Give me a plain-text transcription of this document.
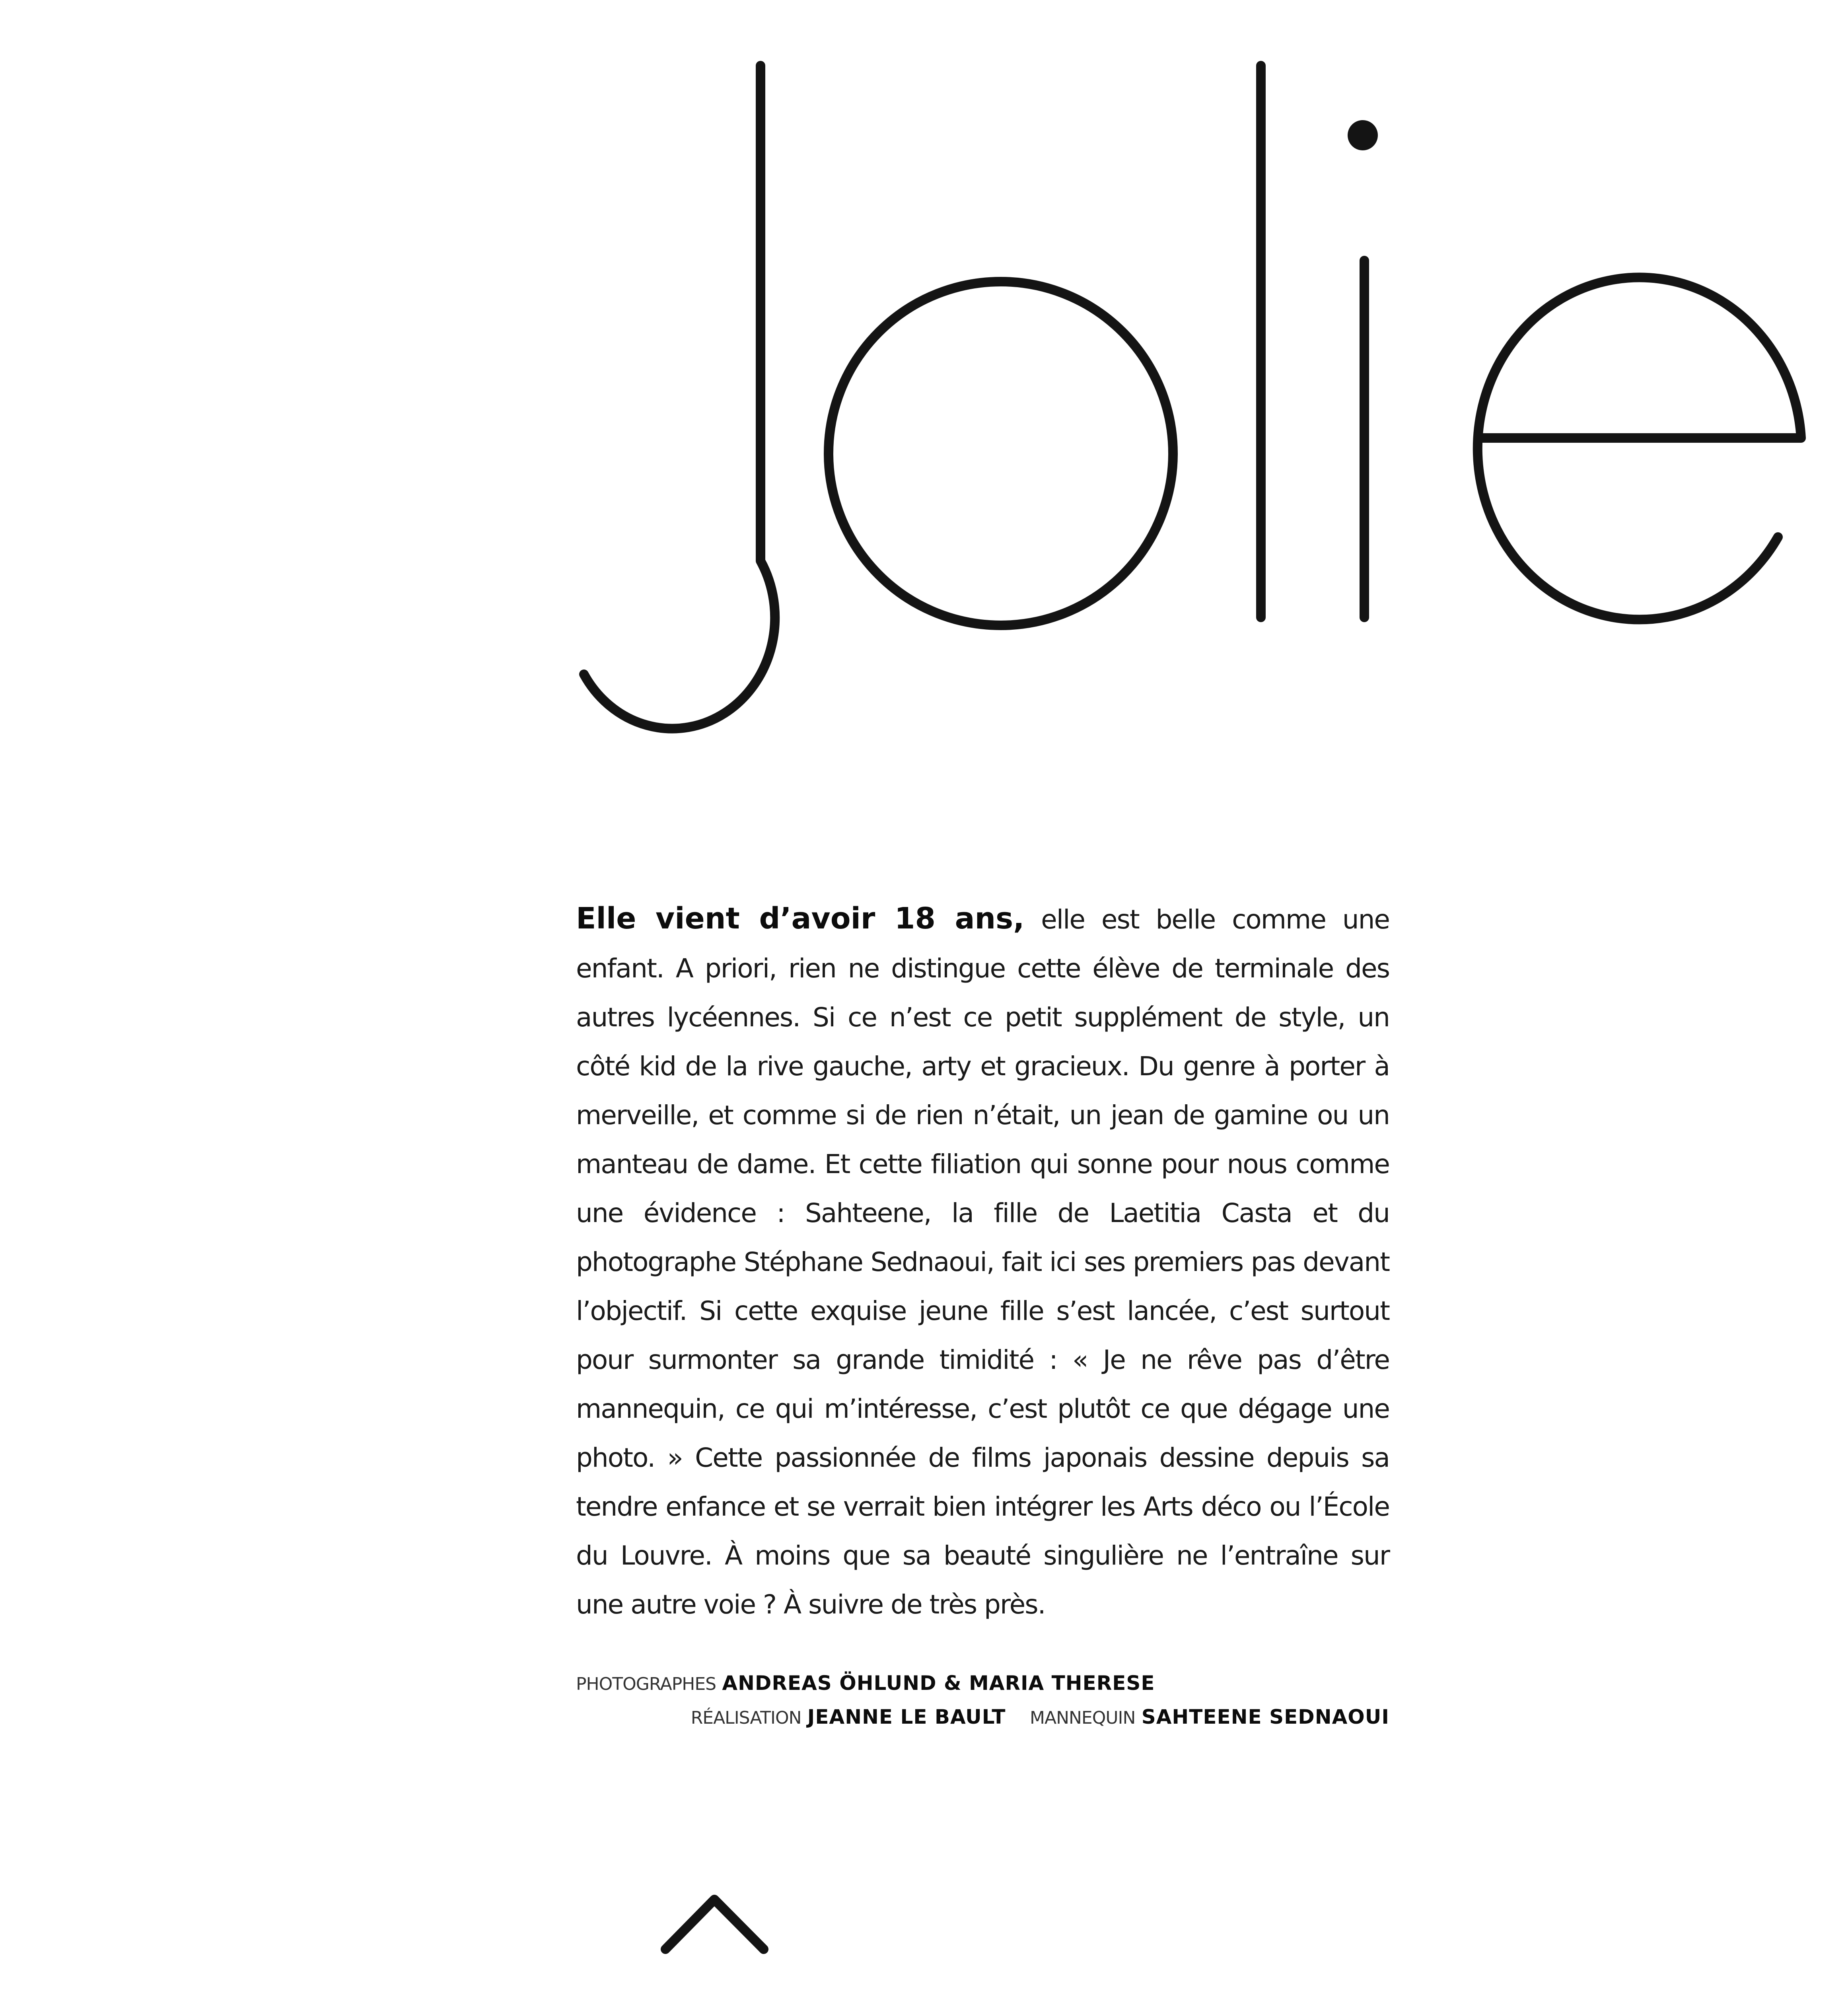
Elle vient d’avoir 18 ans, elle est belle comme une enfant. A priori, rien ne distingue cette élève de terminale des autres lycéennes. Si ce n’est ce petit supplément de style, un côté kid de la rive gauche, arty et gracieux. Du genre à porter à merveille, et comme si de rien n’était, un jean de gamine ou un manteau de dame. Et cette filiation qui sonne pour nous comme une évidence : Sahteene, la fille de Laetitia Casta et du photographe Stéphane Sednaoui, fait ici ses premiers pas devant l’objectif. Si cette exquise jeune fille s’est lancée, c’est surtout pour surmonter sa grande timidité : « Je ne rêve pas d’être mannequin, ce qui m’intéresse, c’est plutôt ce que dégage une photo. » Cette passionnée de films japonais dessine depuis sa tendre enfance et se verrait bien intégrer les Arts déco ou l’École du Louvre. À moins que sa beauté singulière ne l’entraîne sur une autre voie ? À suivre de très près.

PHOTOGRAPHES ANDREAS ÖHLUND & MARIA THERESE
RÉALISATION JEANNE LE BAULT MANNEQUIN SAHTEENE SEDNAOUI
